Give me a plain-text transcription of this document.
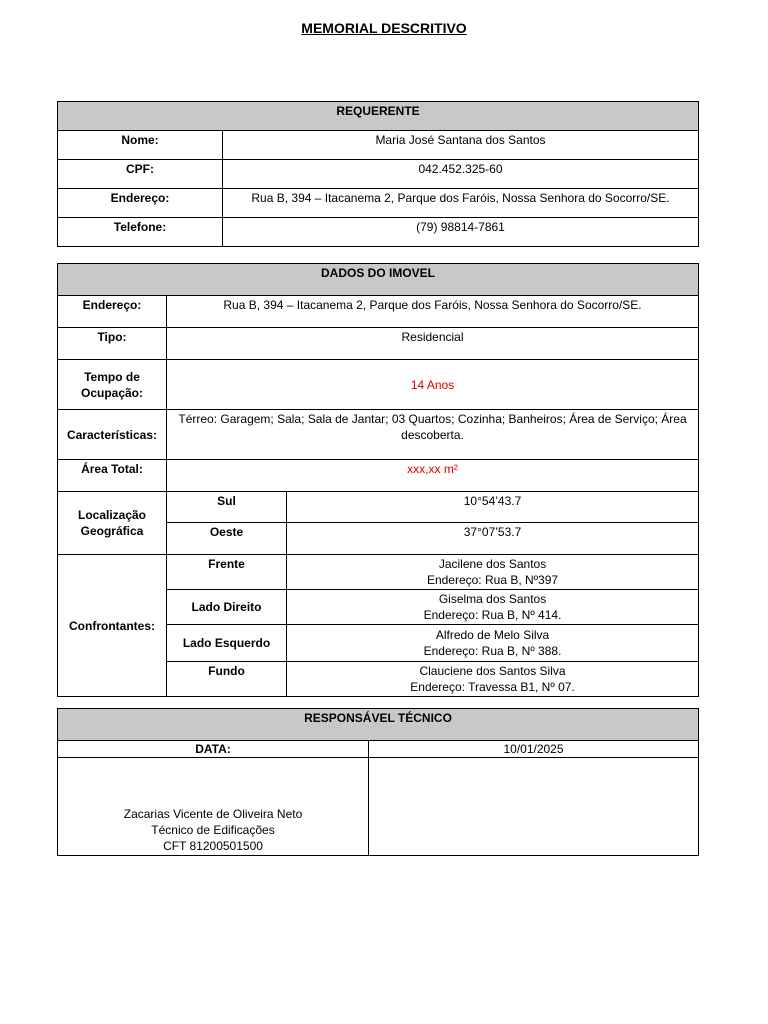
MEMORIAL DESCRITIVO
REQUERENTE	
Nome:	Maria José Santana dos Santos
CPF:	042.452.325-60
Endereço:	Rua B, 394 – Itacanema 2, Parque dos Faróis, Nossa Senhora do Socorro/SE.
Telefone:	(79) 98814-7861
DADOS DO IMOVEL		
Endereço:	Rua B, 394 – Itacanema 2, Parque dos Faróis, Nossa Senhora do Socorro/SE.	
Tipo:	Residencial	

Tempo de
Ocupação:	14 Anos	
Características:	Térreo: Garagem; Sala; Sala de Jantar; 03 Quartos; Cozinha; Banheiros; Área de Serviço; Área descoberta.	
Área Total:	xxx,xx m²	

Localização
Geográfica	Sul	10°54’43.7
	Oeste	37°07’53.7
Confrontantes:	Frente	Jacilene dos Santos
Endereço: Rua B, Nº397

	Lado Direito	Giselma dos Santos
Endereço: Rua B, Nº 414.

	Lado Esquerdo	Alfredo de Melo Silva
Endereço: Rua B, Nº 388.

	Fundo	Clauciene dos Santos Silva
Endereço: Travessa B1, Nº 07.
RESPONSÁVEL TÉCNICO	
DATA:	10/01/2025

Zacarias Vicente de Oliveira Neto
Técnico de Edificações
CFT 81200501500	
